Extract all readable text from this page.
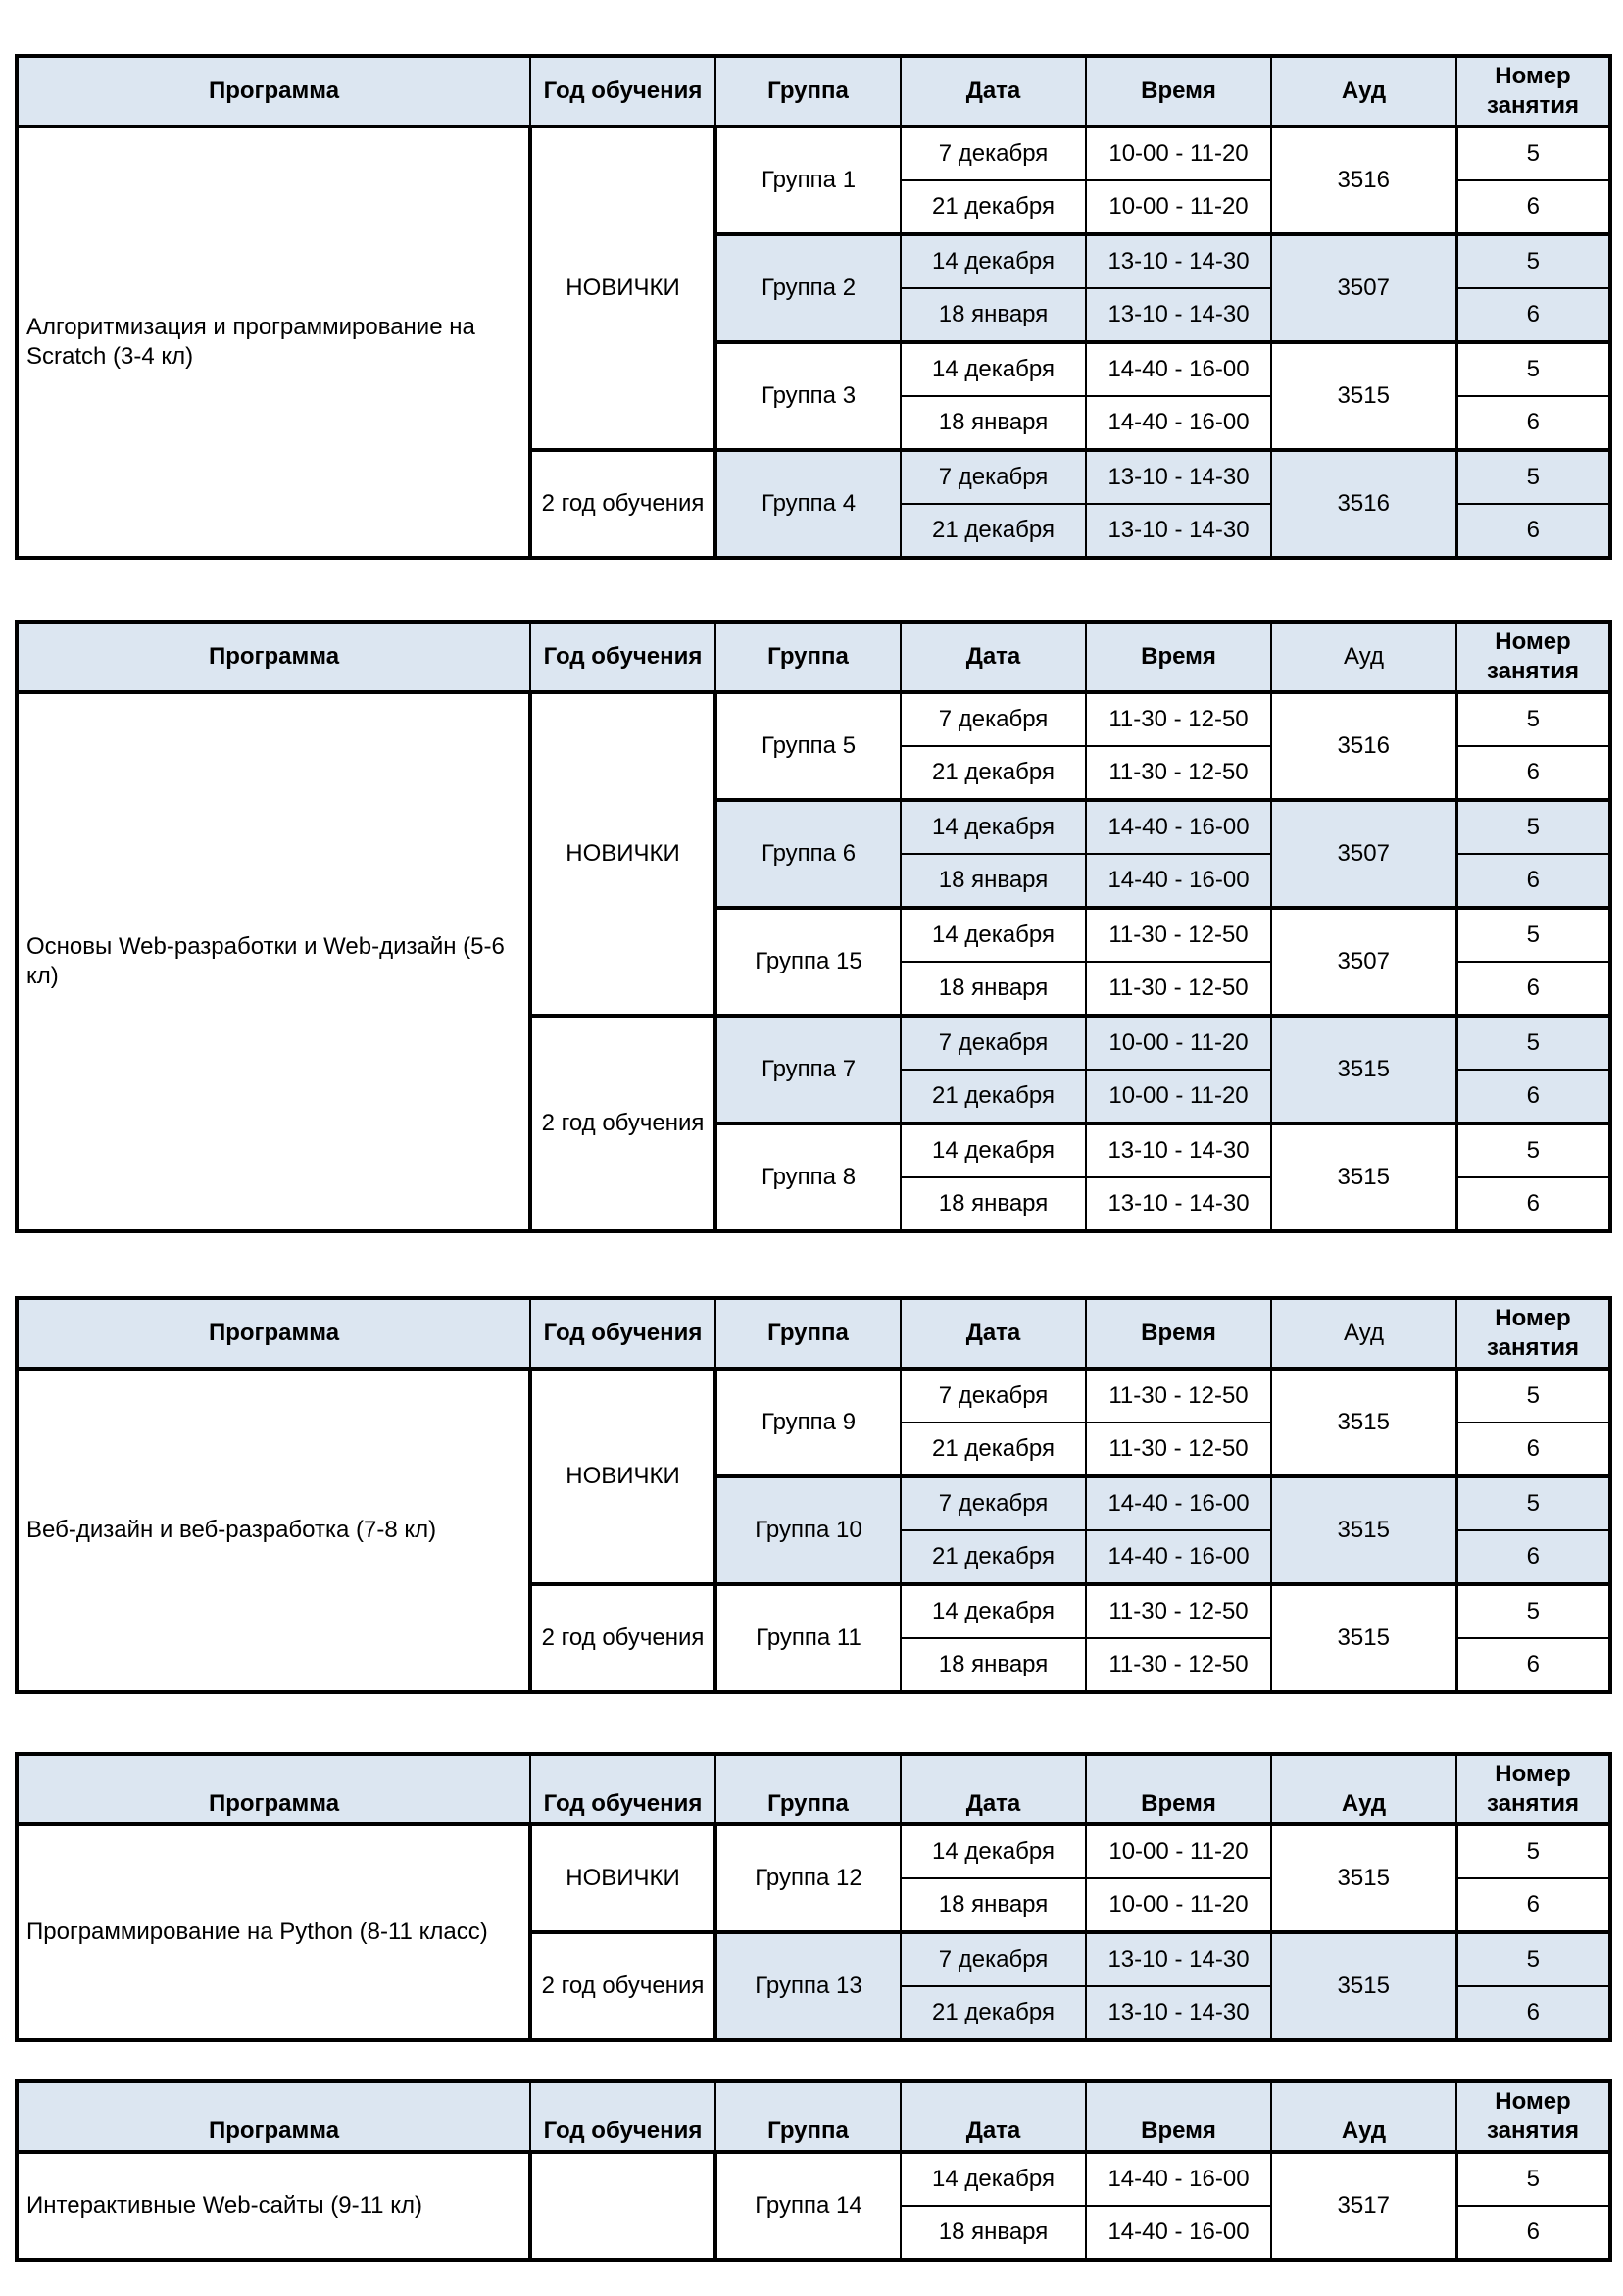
Программа	Год обучения	Группа	Дата	Время	Ауд	Номер
занятия

Алгоритмизация и программирование на Scratch (3-4 кл)	НОВИЧКИ	Группа 1	7 декабря	10-00 - 11-20	3516	5
			21 декабря	10-00 - 11-20		6
		Группа 2	14 декабря	13-10 - 14-30	3507	5
			18 января	13-10 - 14-30		6
		Группа 3	14 декабря	14-40 - 16-00	3515	5
			18 января	14-40 - 16-00		6
	2 год обучения	Группа 4	7 декабря	13-10 - 14-30	3516	5
			21 декабря	13-10 - 14-30		6
Программа	Год обучения	Группа	Дата	Время	Ауд	Номер
занятия

Основы Web-разработки и Web-дизайн (5-6 кл)	НОВИЧКИ	Группа 5	7 декабря	11-30 - 12-50	3516	5
			21 декабря	11-30 - 12-50		6
		Группа 6	14 декабря	14-40 - 16-00	3507	5
			18 января	14-40 - 16-00		6
		Группа 15	14 декабря	11-30 - 12-50	3507	5
			18 января	11-30 - 12-50		6
	2 год обучения	Группа 7	7 декабря	10-00 - 11-20	3515	5
			21 декабря	10-00 - 11-20		6
		Группа 8	14 декабря	13-10 - 14-30	3515	5
			18 января	13-10 - 14-30		6
Программа	Год обучения	Группа	Дата	Время	Ауд	Номер
занятия

Веб-дизайн и веб-разработка (7-8 кл)	НОВИЧКИ	Группа 9	7 декабря	11-30 - 12-50	3515	5
			21 декабря	11-30 - 12-50		6
		Группа 10	7 декабря	14-40 - 16-00	3515	5
			21 декабря	14-40 - 16-00		6
	2 год обучения	Группа 11	14 декабря	11-30 - 12-50	3515	5
			18 января	11-30 - 12-50		6
Программа	Год обучения	Группа	Дата	Время	Ауд	Номер
занятия

Программирование на Python (8-11 класс)	НОВИЧКИ	Группа 12	14 декабря	10-00 - 11-20	3515	5
			18 января	10-00 - 11-20		6
	2 год обучения	Группа 13	7 декабря	13-10 - 14-30	3515	5
			21 декабря	13-10 - 14-30		6
Программа	Год обучения	Группа	Дата	Время	Ауд	Номер
занятия

Интерактивные Web-сайты (9-11 кл)		Группа 14	14 декабря	14-40 - 16-00	3517	5
			18 января	14-40 - 16-00		6
